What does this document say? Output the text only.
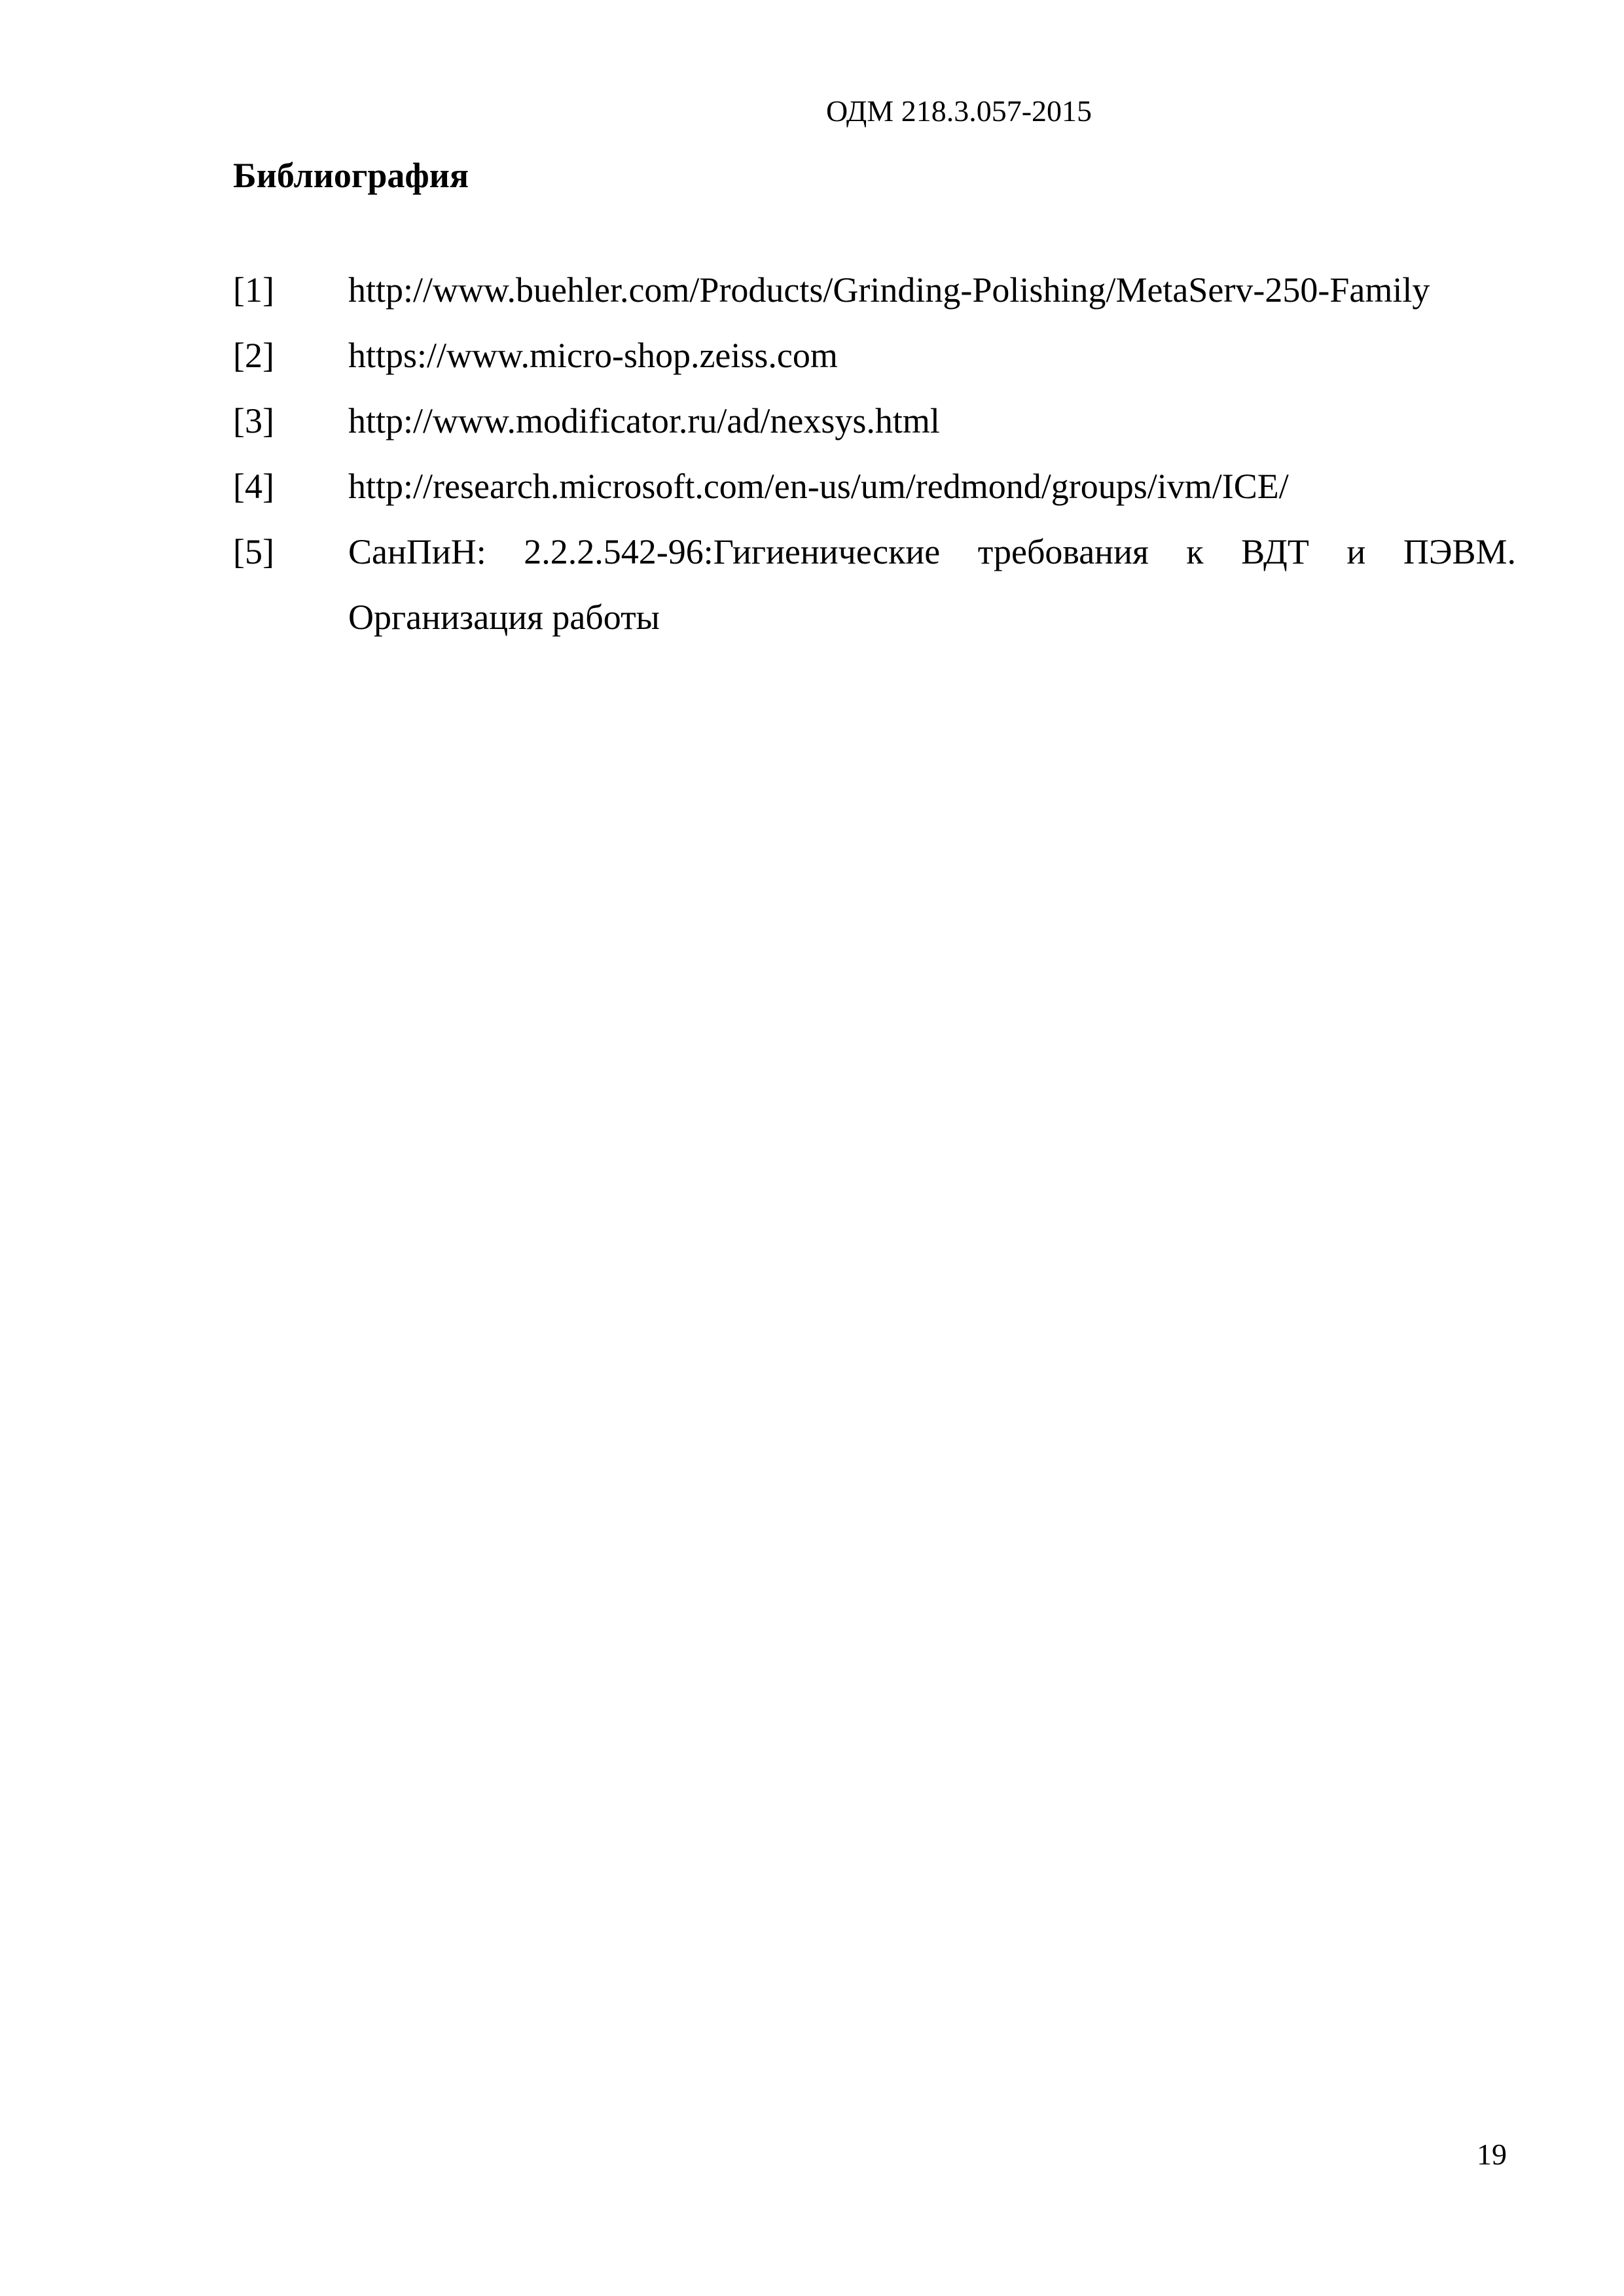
ОДМ 218.3.057-2015
Библиография
[1]	http://www.buehler.com/Products/Grinding-Polishing/MetaServ-250-Family
[2]	https://www.micro-shop.zeiss.com
[3]	http://www.modificator.ru/ad/nexsys.html
[4]	http://research.microsoft.com/en-us/um/redmond/groups/ivm/ICE/
[5]	СанПиН: 2.2.2.542-96:Гигиенические требования к ВДТ и ПЭВМ. Организация работы
19
